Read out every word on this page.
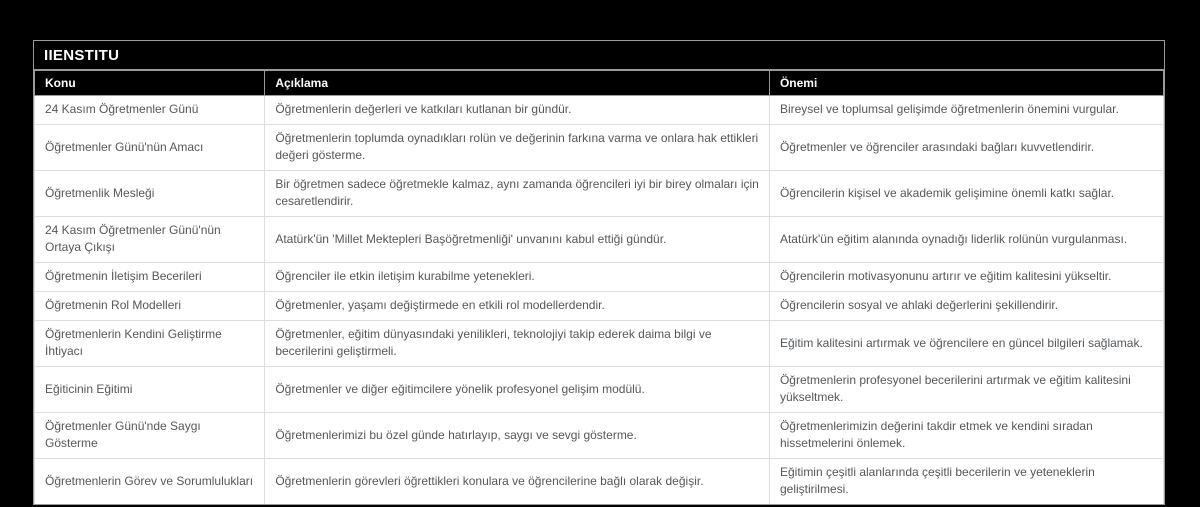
IIENSTITU
Konu	Açıklama	Önemi
24 Kasım Öğretmenler Günü	Öğretmenlerin değerleri ve katkıları kutlanan bir gündür.	Bireysel ve toplumsal gelişimde öğretmenlerin önemini vurgular.
Öğretmenler Günü'nün Amacı	Öğretmenlerin toplumda oynadıkları rolün ve değerinin farkına varma ve onlara hak ettikleri değeri gösterme.	Öğretmenler ve öğrenciler arasındaki bağları kuvvetlendirir.
Öğretmenlik Mesleği	Bir öğretmen sadece öğretmekle kalmaz, aynı zamanda öğrencileri iyi bir birey olmaları için cesaretlendirir.	Öğrencilerin kişisel ve akademik gelişimine önemli katkı sağlar.
24 Kasım Öğretmenler Günü'nün Ortaya Çıkışı	Atatürk'ün 'Millet Mektepleri Başöğretmenliği' unvanını kabul ettiği gündür.	Atatürk'ün eğitim alanında oynadığı liderlik rolünün vurgulanması.
Öğretmenin İletişim Becerileri	Öğrenciler ile etkin iletişim kurabilme yetenekleri.	Öğrencilerin motivasyonunu artırır ve eğitim kalitesini yükseltir.
Öğretmenin Rol Modelleri	Öğretmenler, yaşamı değiştirmede en etkili rol modellerdendir.	Öğrencilerin sosyal ve ahlaki değerlerini şekillendirir.
Öğretmenlerin Kendini Geliştirme İhtiyacı	Öğretmenler, eğitim dünyasındaki yenilikleri, teknolojiyi takip ederek daima bilgi ve becerilerini geliştirmeli.	Eğitim kalitesini artırmak ve öğrencilere en güncel bilgileri sağlamak.
Eğiticinin Eğitimi	Öğretmenler ve diğer eğitimcilere yönelik profesyonel gelişim modülü.	Öğretmenlerin profesyonel becerilerini artırmak ve eğitim kalitesini yükseltmek.
Öğretmenler Günü'nde Saygı Gösterme	Öğretmenlerimizi bu özel günde hatırlayıp, saygı ve sevgi gösterme.	Öğretmenlerimizin değerini takdir etmek ve kendini sıradan hissetmelerini önlemek.
Öğretmenlerin Görev ve Sorumlulukları	Öğretmenlerin görevleri öğrettikleri konulara ve öğrencilerine bağlı olarak değişir.	Eğitimin çeşitli alanlarında çeşitli becerilerin ve yeteneklerin geliştirilmesi.
